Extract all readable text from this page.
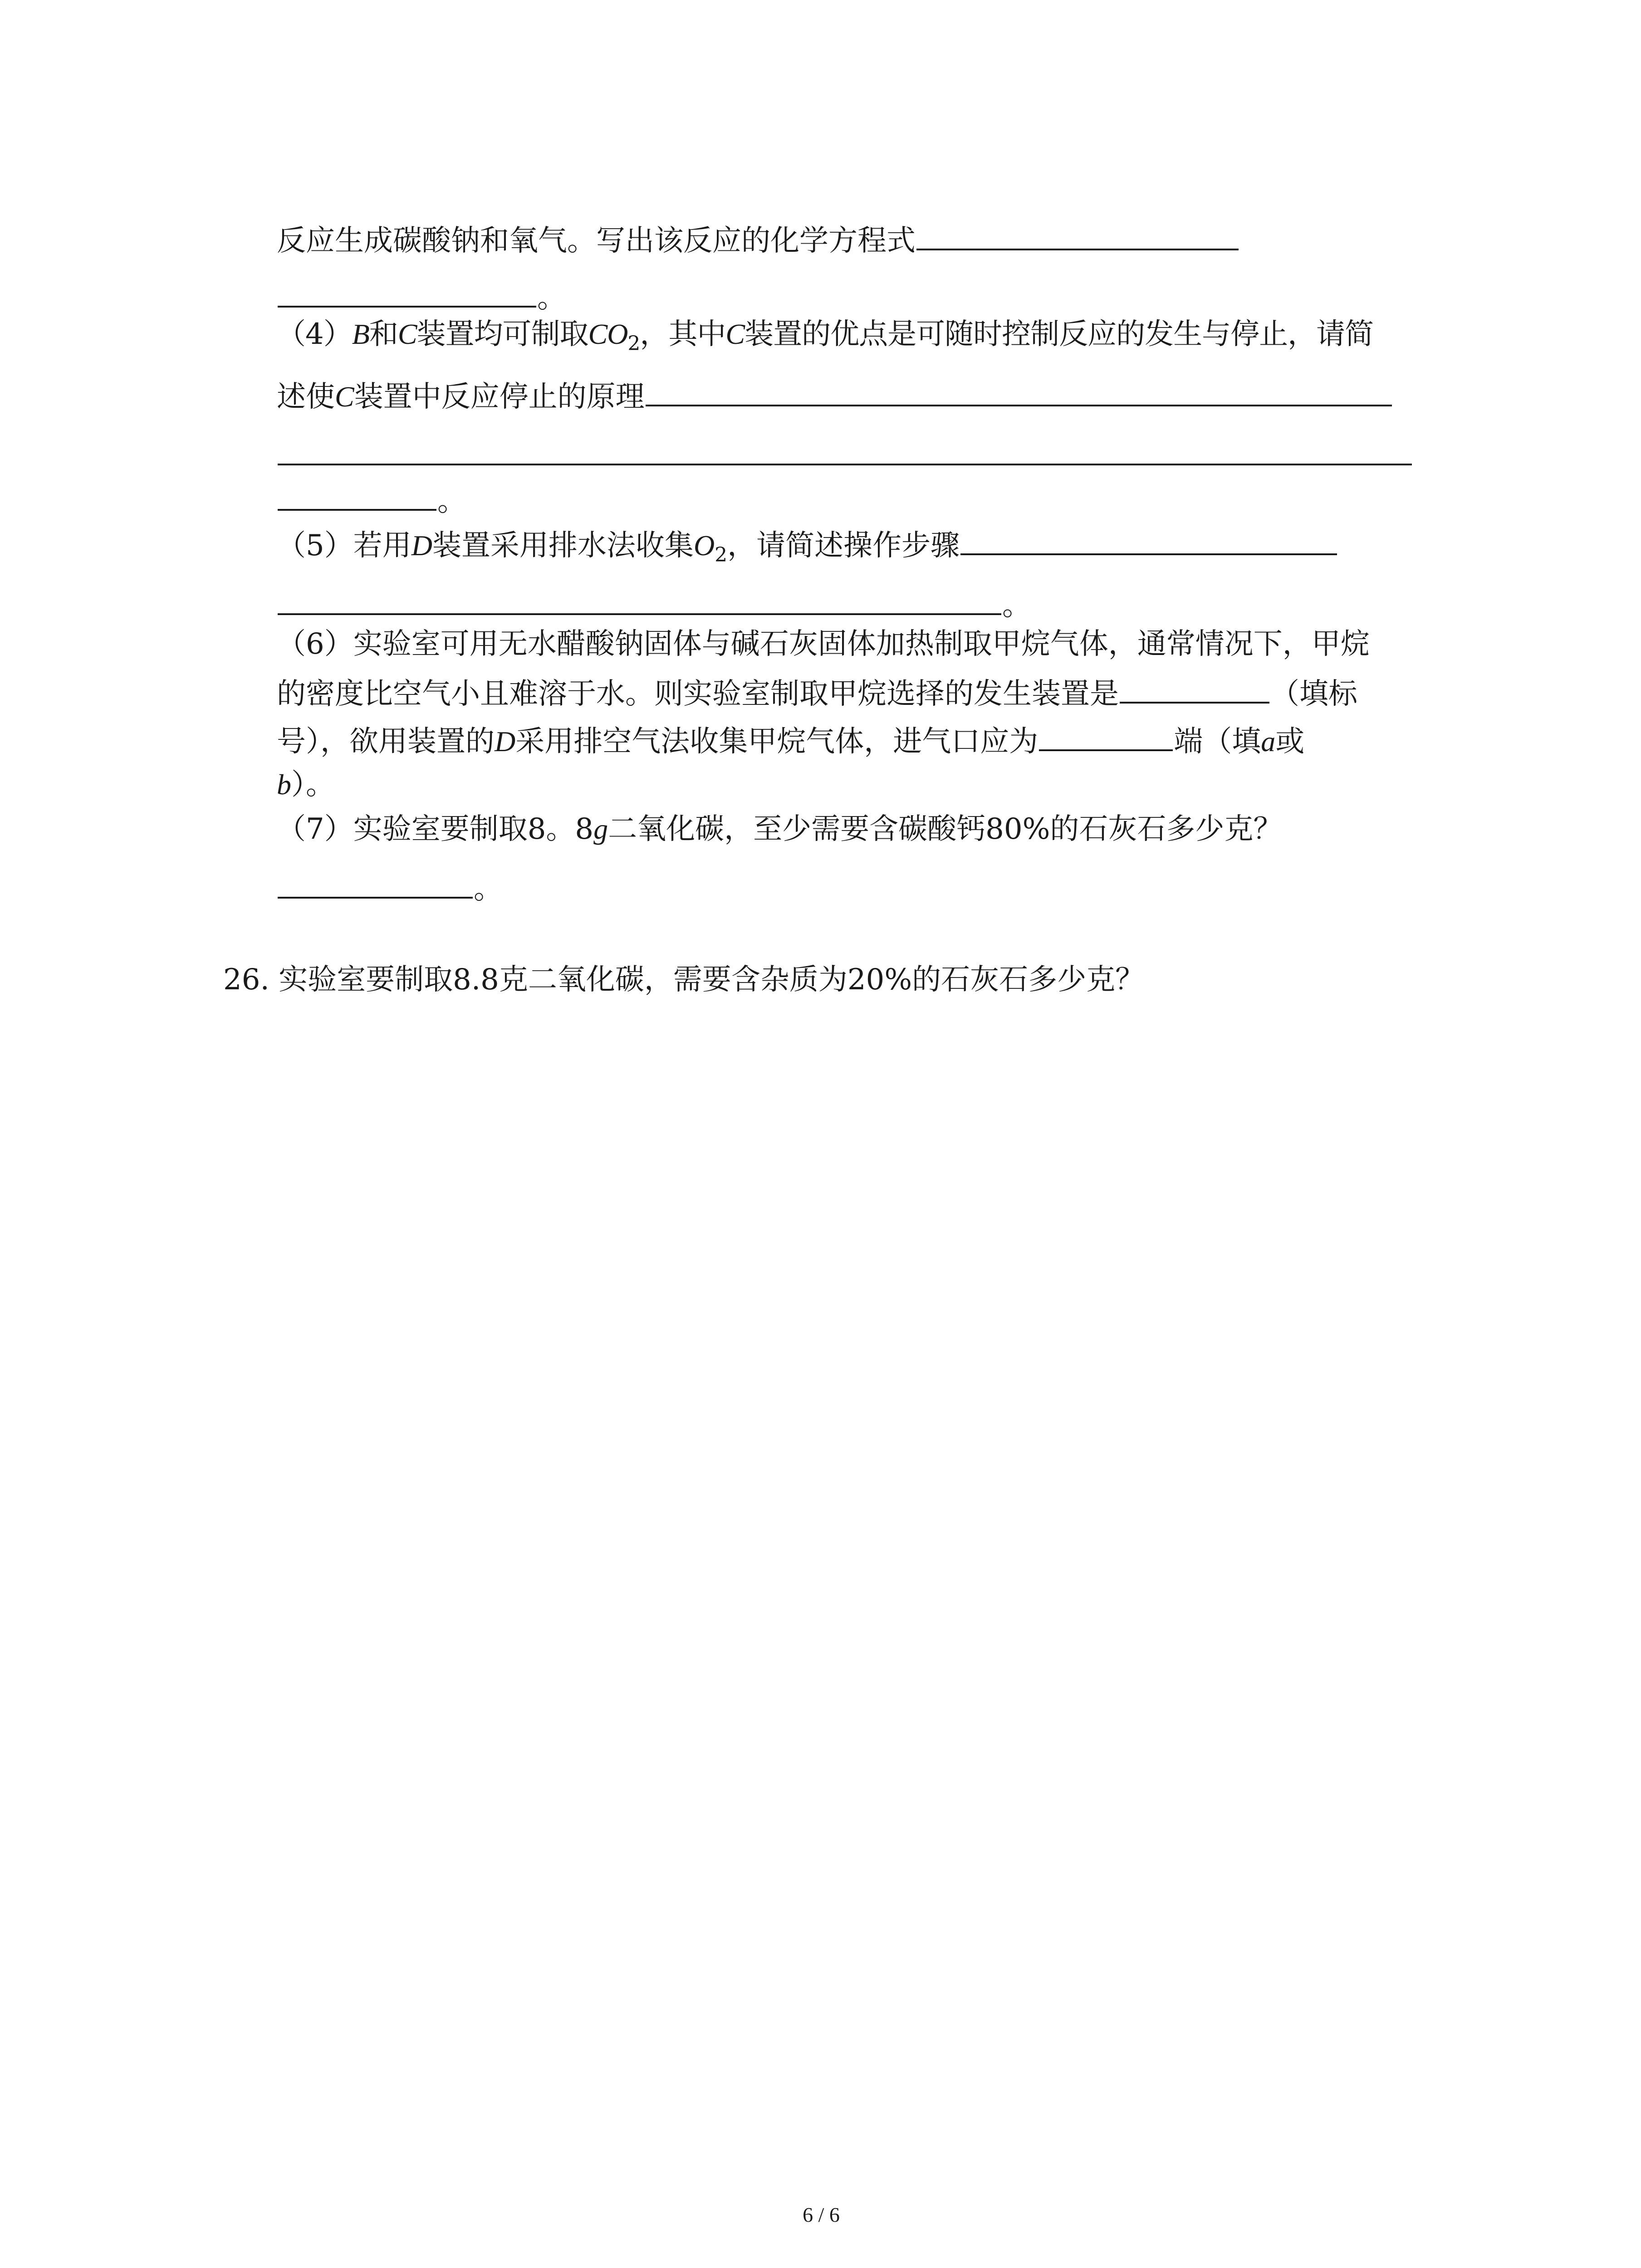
反应生成碳酸钠和氧气。写出该反应的化学方程式
。
（4）B和C装置均可制取$CO_2$，其中C装置的优点是可随时控制反应的发生与停止，请简
述使C装置中反应停止的原理
。
（5）若用D装置采用排水法收集$O_2$，请简述操作步骤
。
（6）实验室可用无水醋酸钠固体与碱石灰固体加热制取甲烷气体，通常情况下，甲烷
的密度比空气小且难溶于水。则实验室制取甲烷选择的发生装置是	（填标
号），欲用装置的D采用排空气法收集甲烷气体，进气口应为	端（填a或
b）。
（7）实验室要制取8。8g二氧化碳，至少需要含碳酸钙80%的石灰石多少克？
。
26. 实验室要制取8.8克二氧化碳，需要含杂质为20%的石灰石多少克？
6 / 6
